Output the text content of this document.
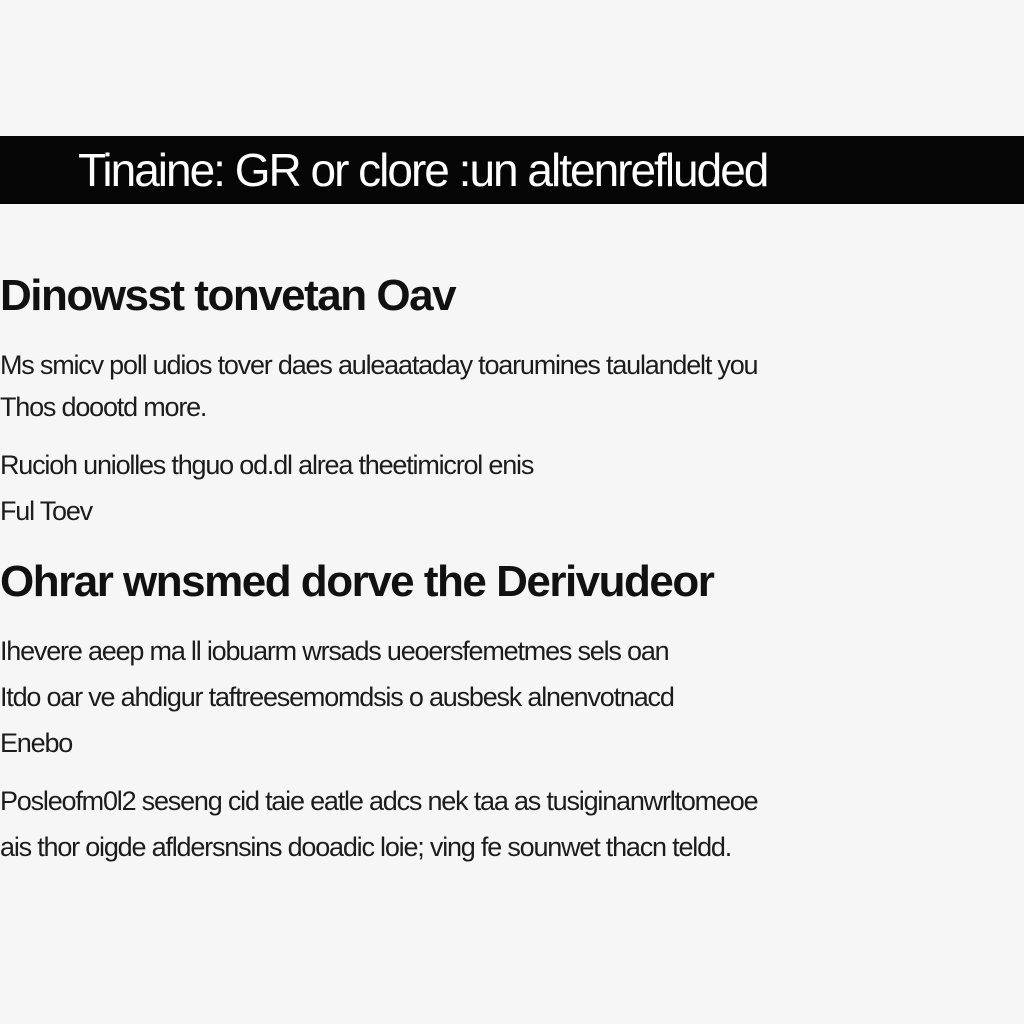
Tinaine: GR or clore :un altenrefluded

Dinowsst tonvetan Oav

Ms smicv poll udios tover daes auleaataday toarumines taulandelt you

Thos doootd more.

Rucioh uniolles thguo od.dl alrea theetimicrol enis

Ful Toev

Ohrar wnsmed dorve the Derivudeor

Ihevere aeep ma ll iobuarm wrsads ueoersfemetmes sels oan

Itdo oar ve ahdigur taftreesemomdsis o ausbesk alnenvotnacd

Enebo

Posleofm0l2 seseng cid taie eatle adcs nek taa as tusiginanwrltomeoe

ais thor oigde afldersnsins dooadic loie; ving fe sounwet thacn teldd.
